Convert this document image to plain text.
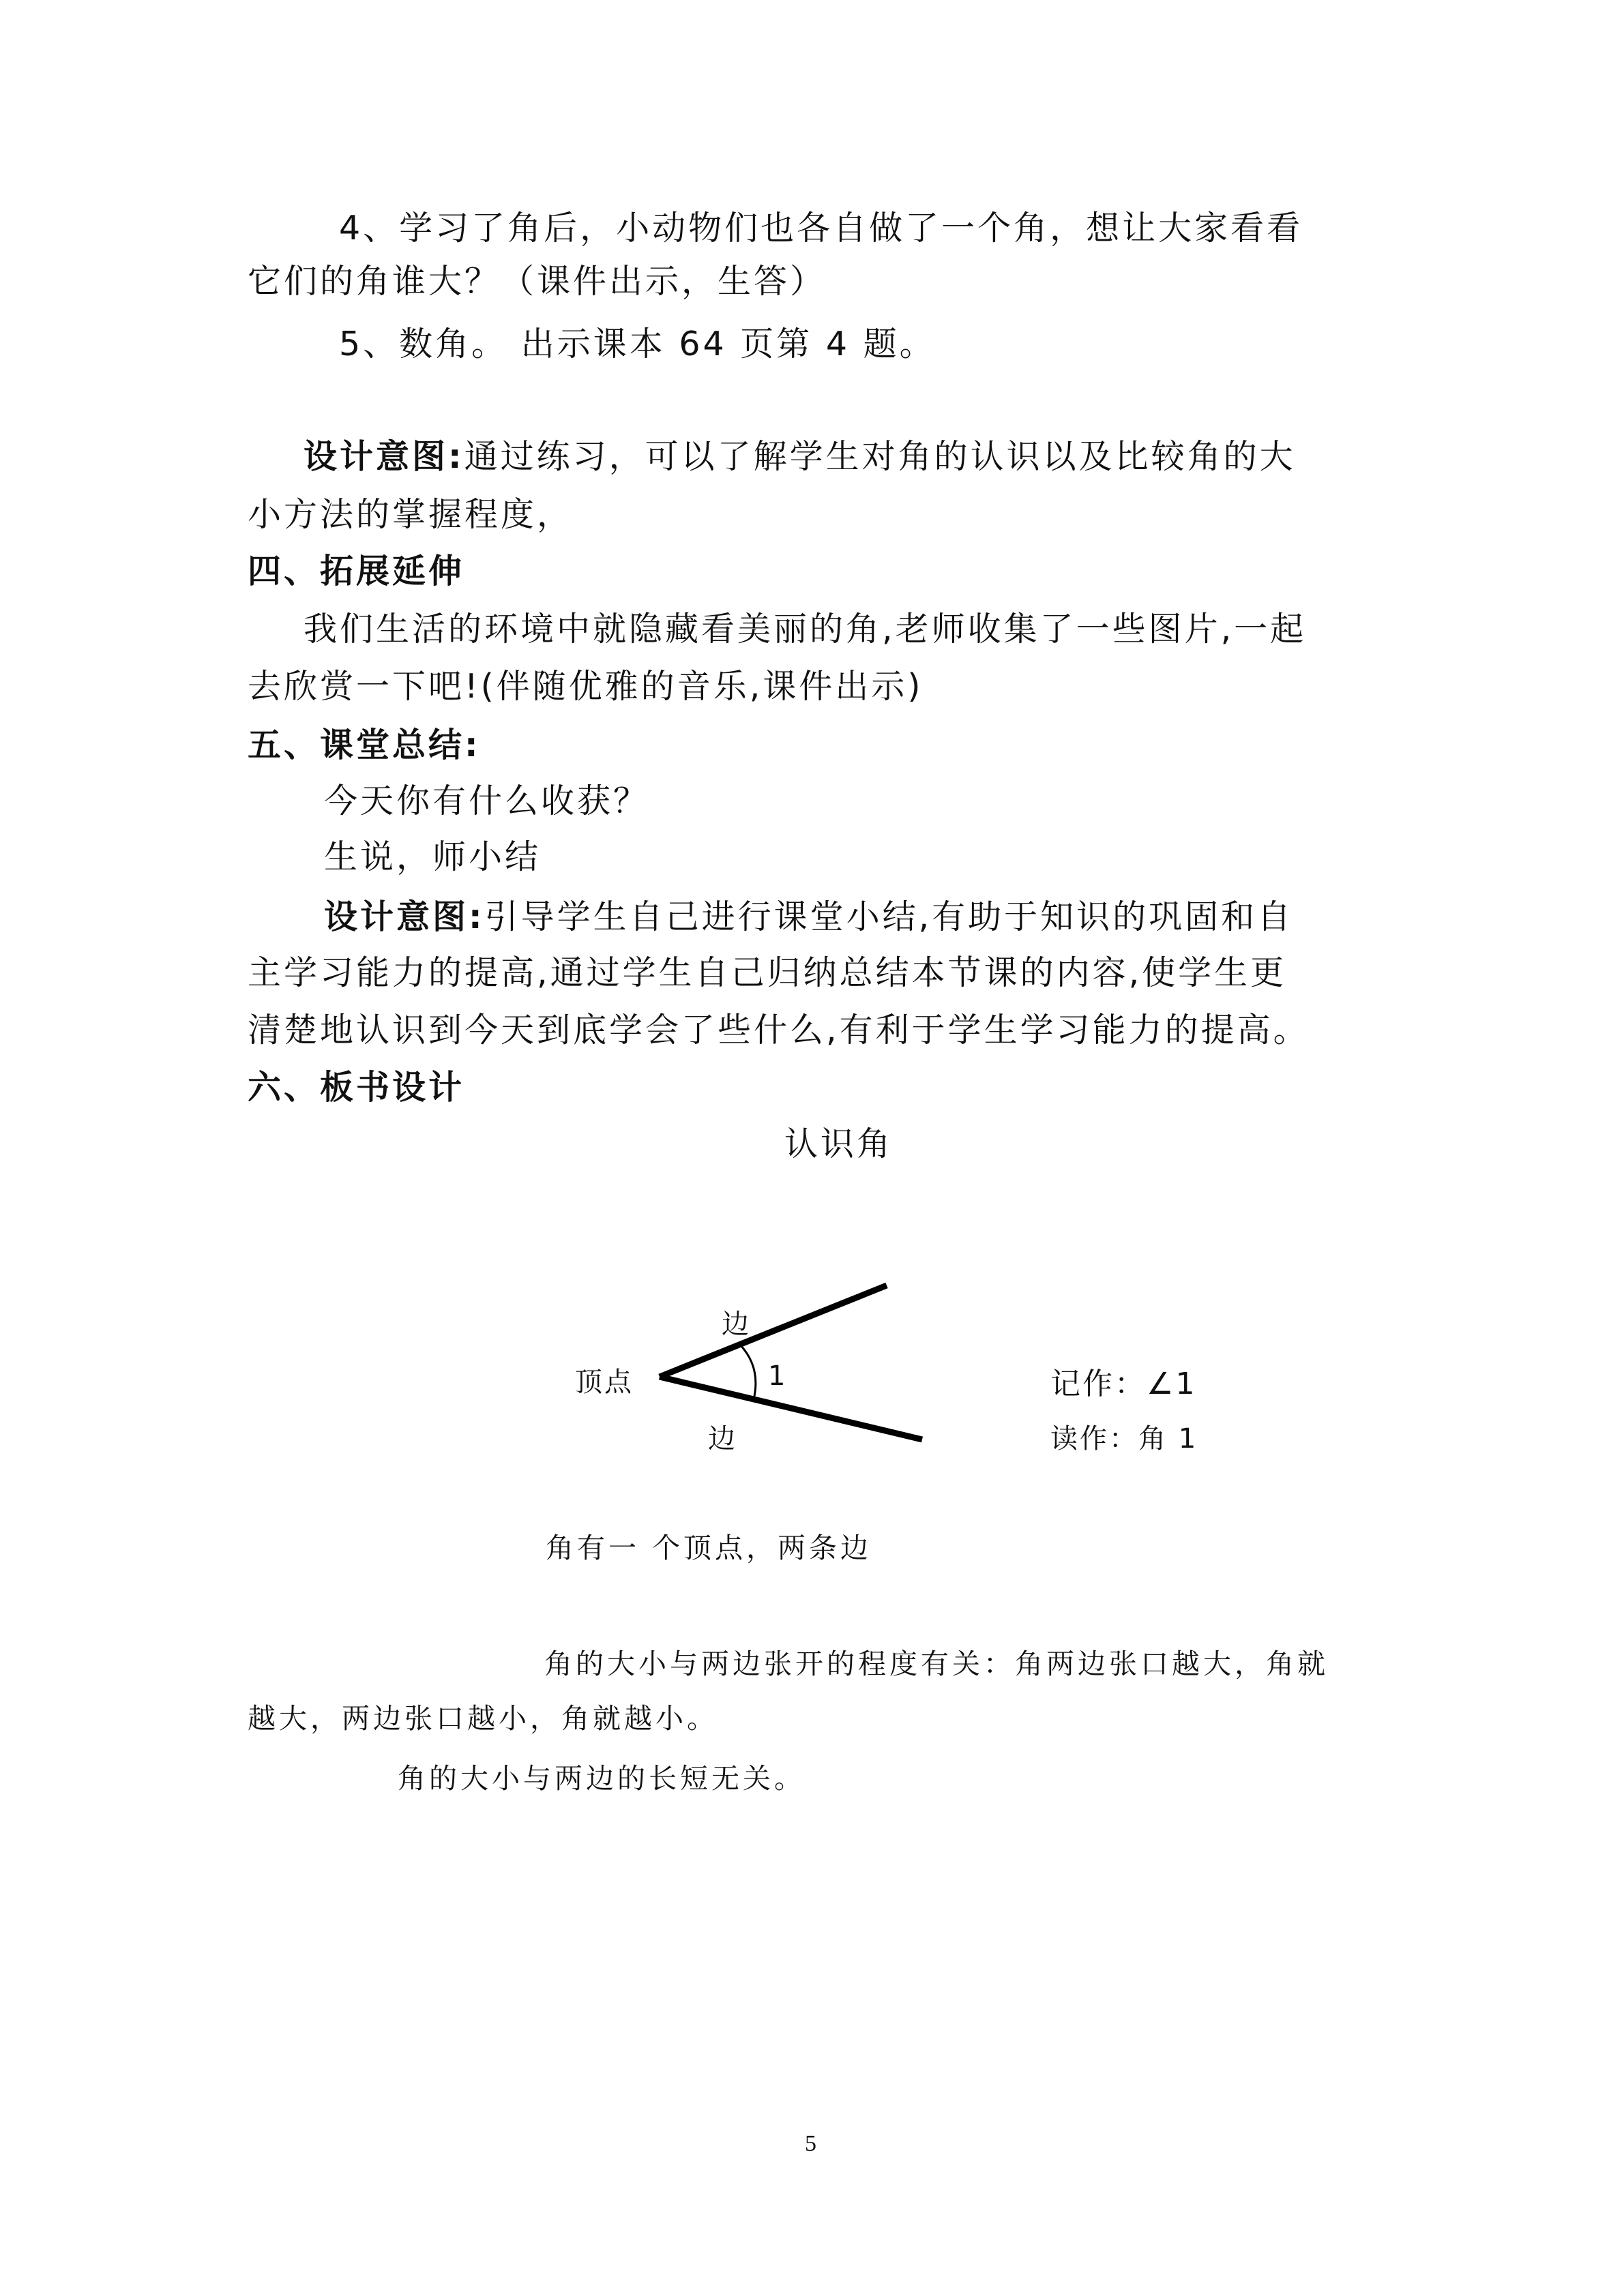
4、学习了角后，小动物们也各自做了一个角，想让大家看看
它们的角谁大？（课件出示，生答）
5、数角。 出示课本 64 页第 4 题。
设计意图:通过练习，可以了解学生对角的认识以及比较角的大
小方法的掌握程度，
四、拓展延伸
我们生活的环境中就隐藏看美丽的角,老师收集了一些图片,一起
去欣赏一下吧!(伴随优雅的音乐,课件出示)
五、课堂总结:
今天你有什么收获？
生说，师小结
设计意图:引导学生自己进行课堂小结,有助于知识的巩固和自
主学习能力的提高,通过学生自己归纳总结本节课的内容,使学生更
清楚地认识到今天到底学会了些什么,有利于学生学习能力的提高。
六、板书设计
认识角
顶点
边
1
边
记作：∠1
读作：角 1
角有一 个顶点，两条边
角的大小与两边张开的程度有关：角两边张口越大，角就
越大，两边张口越小，角就越小。
角的大小与两边的长短无关。
5
